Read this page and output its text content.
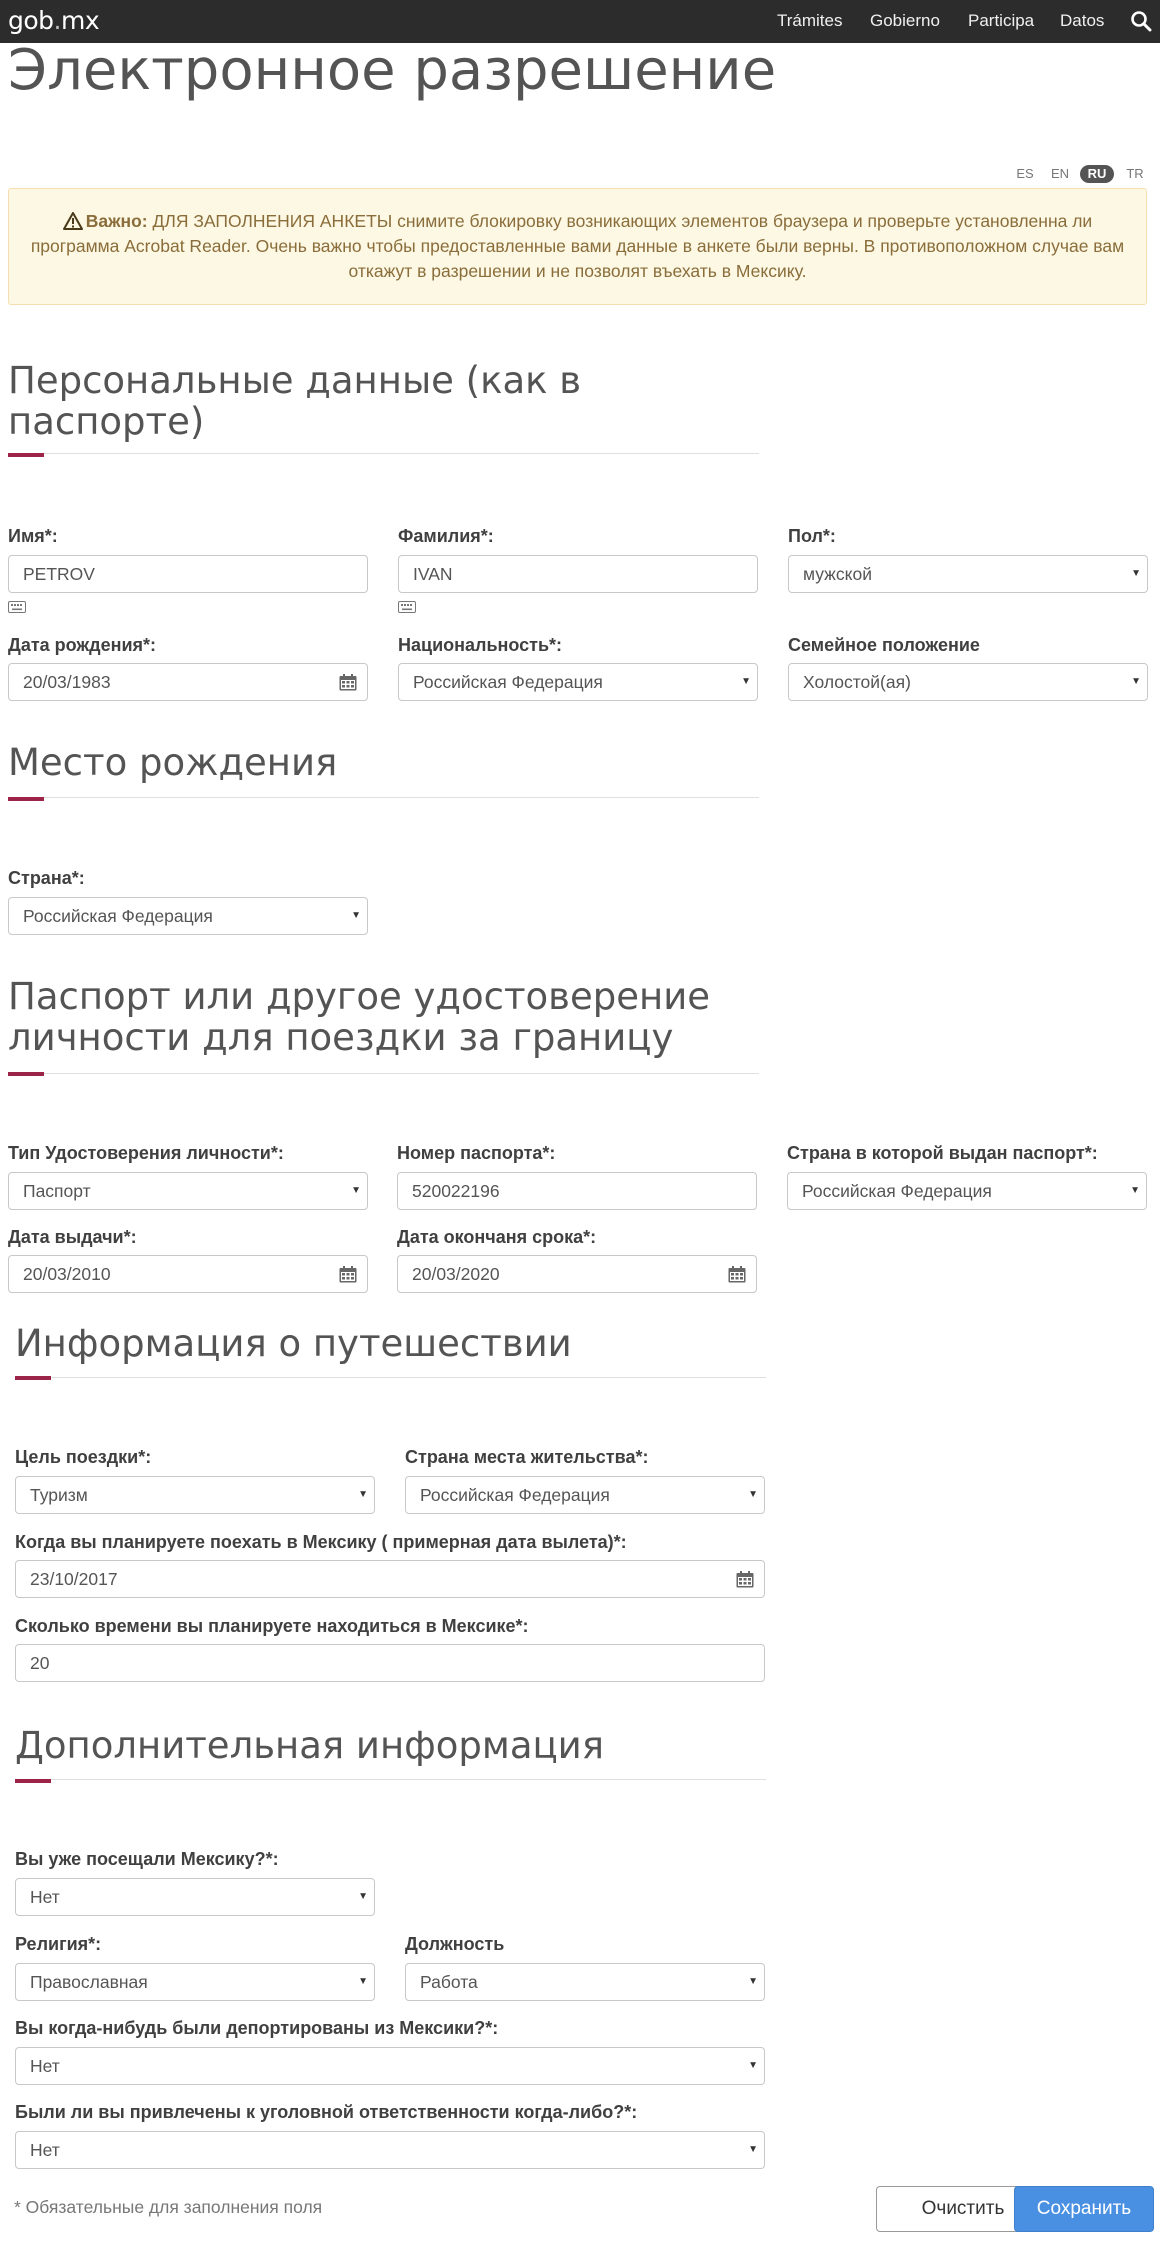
gob.mx	Trámites Gobierno Participa Datos
Электронное разрешение
ES EN	RU	TR
Важно: ДЛЯ ЗАПОЛНЕНИЯ АНКЕТЫ снимите блокировку возникающих элементов браузера и проверьте установленна ли программа Acrobat Reader. Очень важно чтобы предоставленные вами данные в анкете были верны. В противоположном случае вам откажут в разрешении и не позволят въехать в Мексику.
Персональные данные (как в паспорте)
Имя*:
PETROV
Фамилия*:
IVAN
Пол*:
мужской	▼
Дата рождения*:
20/03/1983
Национальность*:
Российская Федерация	▼
Семейное положение
Холостой(ая)	▼
Место рождения
Страна*:
Российская Федерация	▼
Паспорт или другое удостоверение
личности для поездки за границу
Тип Удостоверения личности*:
Паспорт	▼
Номер паспорта*:
520022196
Страна в которой выдан паспорт*:
Российская Федерация	▼
Дата выдачи*:
20/03/2010
Дата окончаня срока*:
20/03/2020
Информация о путешествии
Цель поездки*:
Туризм	▼
Страна места жительства*:
Российская Федерация	▼
Когда вы планируете поехать в Мексику ( примерная дата вылета)*:
23/10/2017
Сколько времени вы планируете находиться в Мексике*:
20
Дополнительная информация
Вы уже посещали Мексику?*:
Нет	▼
Религия*:
Православная	▼
Должность
Работа	▼
Вы когда-нибудь были депортированы из Мексики?*:
Нет	▼
Были ли вы привлечены к уголовной ответственности когда-либо?*:
Нет	▼
* Обязательные для заполнения поля	Очистить	Сохранить
